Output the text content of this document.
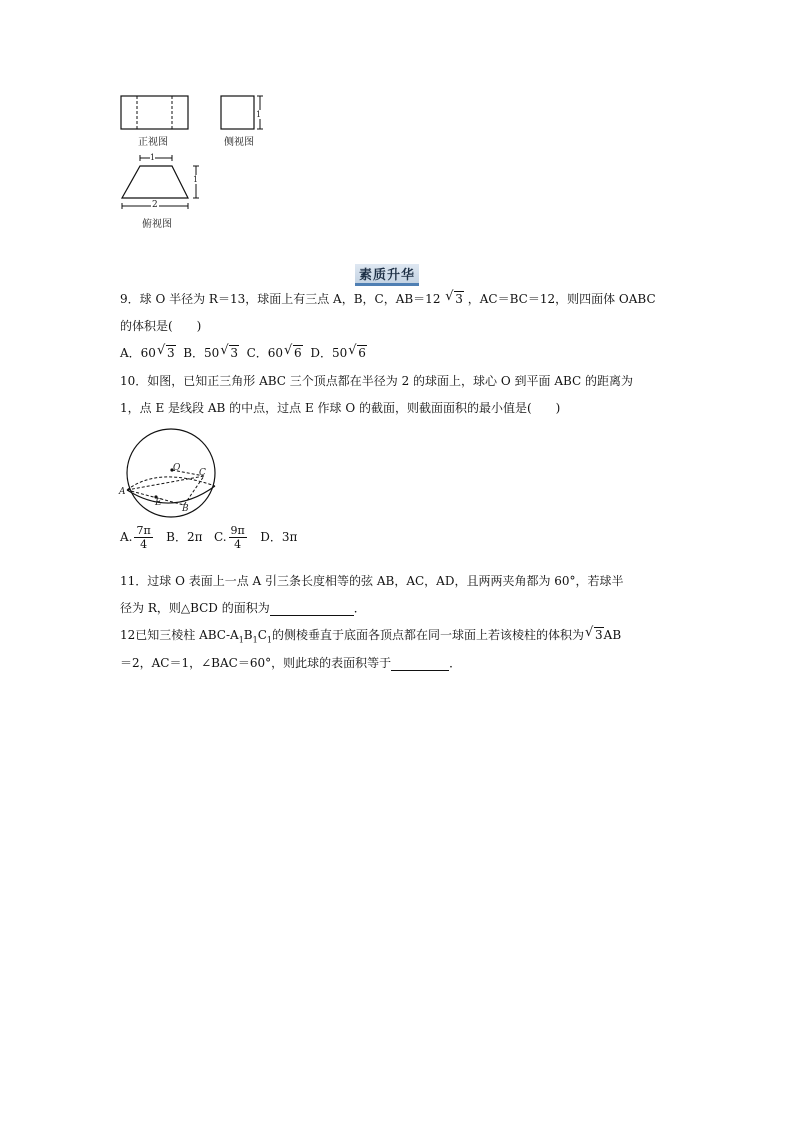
正视图
1
侧视图
1
1
2
俯视图
素质升华
9．球 O 半径为 R＝13，球面上有三点 A，B，C，AB＝12 √ 3 ，AC＝BC＝12，则四面体 OABC
的体积是(　　)
A．60 √ 3 B．50 √ 3 C．60 √ 6 D．50 √ 6
10．如图，已知正三角形 ABC 三个顶点都在半径为 2 的球面上，球心 O 到平面 ABC 的距离为
1，点 E 是线段 AB 的中点，过点 E 作球 O 的截面，则截面面积的最小值是(　　)
O C
A
E
B
A. $\frac{7\pi}{4}$ B．2π C. $\frac{9\pi}{4}$ D．3π
11．过球 O 表面上一点 A 引三条长度相等的弦 AB，AC，AD，且两两夹角都为 60°，若球半
径为 R，则△BCD 的面积为	．
12已知三棱柱 ABC-$A_1B_1C_1$的侧棱垂直于底面各顶点都在同一球面上若该棱柱的体积为 √ 3AB
＝2，AC＝1，∠BAC＝60°，则此球的表面积等于	．
